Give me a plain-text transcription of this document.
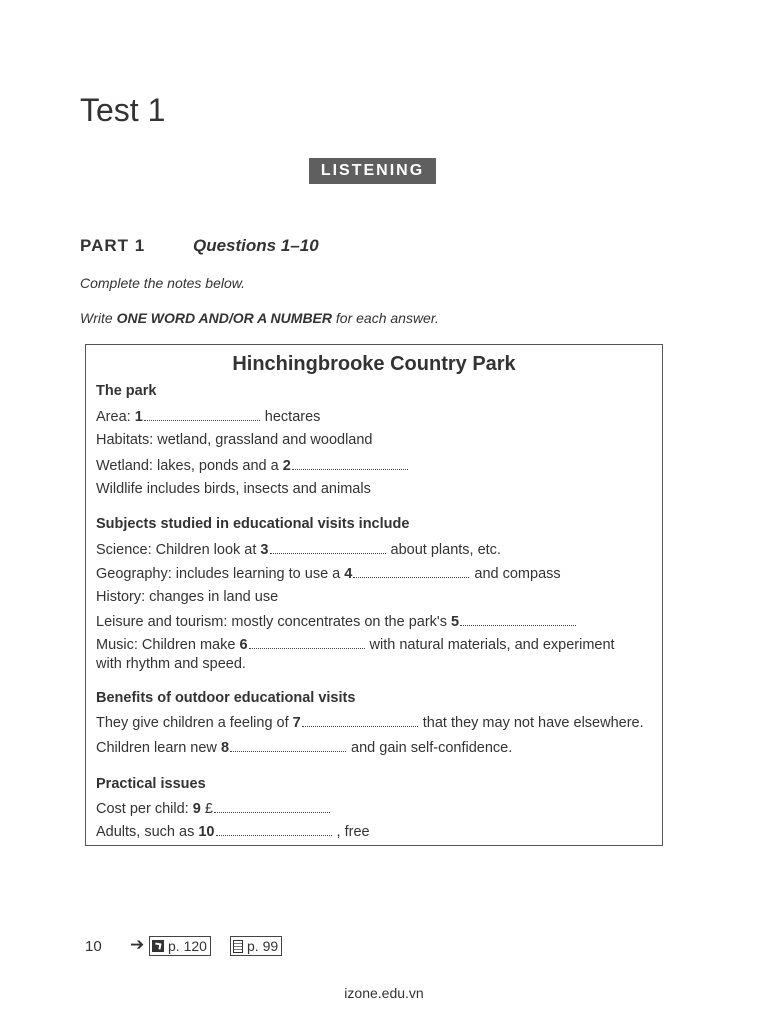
Test 1
LISTENING
PART 1	Questions 1–10
Complete the notes below.
Write ONE WORD AND/OR A NUMBER for each answer.
Hinchingbrooke Country Park
The park
Area: 1	hectares
Habitats: wetland, grassland and woodland
Wetland: lakes, ponds and a 2
Wildlife includes birds, insects and animals
Subjects studied in educational visits include
Science: Children look at 3	about plants, etc.
Geography: includes learning to use a 4	and compass
History: changes in land use
Leisure and tourism: mostly concentrates on the park's 5
Music: Children make 6	with natural materials, and experiment with rhythm and speed.
Benefits of outdoor educational visits
They give children a feeling of 7	that they may not have elsewhere.
Children learn new 8	and gain self-confidence.
Practical issues
Cost per child: 9 £
Adults, such as 10	, free
10 ➔	p. 120	p. 99
izone.edu.vn
